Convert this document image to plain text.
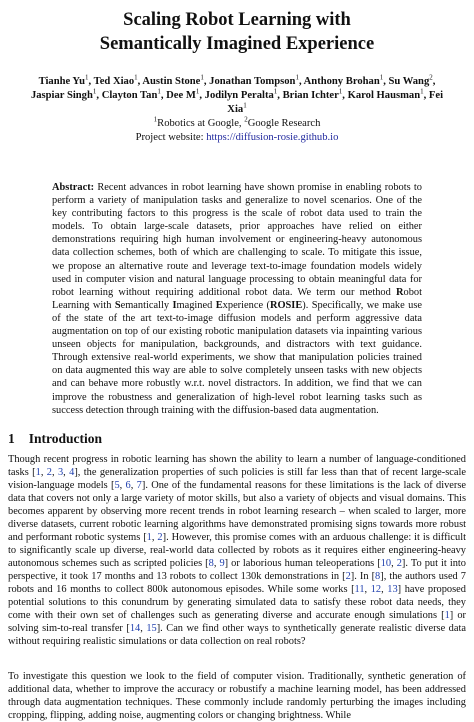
Scaling Robot Learning with
Semantically Imagined Experience
Tianhe Yu$^1$, Ted Xiao$^1$, Austin Stone$^1$, Jonathan Tompson$^1$, Anthony Brohan$^1$, Su Wang$^2$, Jaspiar Singh$^1$, Clayton Tan$^1$, Dee $M^1$, Jodilyn Peralta$^1$, Brian Ichter$^1$, Karol Hausman$^1$, Fei Xia$^1$
$^1$Robotics at Google, $^2$Google Research
Project website: https://diffusion-rosie.github.io

Abstract: Recent advances in robot learning have shown promise in enabling robots to perform a variety of manipulation tasks and generalize to novel scenarios. One of the key contributing factors to this progress is the scale of robot data used to train the models. To obtain large-scale datasets, prior approaches have relied on either demonstrations requiring high human involvement or engineering-heavy autonomous data collection schemes, both of which are challenging to scale. To mitigate this issue, we propose an alternative route and leverage text-to-image foundation models widely used in computer vision and natural language processing to obtain meaningful data for robot learning without requiring additional robot data. We term our method Robot Learning with Semantically Imagined Experience (ROSIE). Specifically, we make use of the state of the art text-to-image diffusion models and perform aggressive data augmentation on top of our existing robotic manipulation datasets via inpainting various unseen objects for manipulation, backgrounds, and distractors with text guidance. Through extensive real-world experiments, we show that manipulation policies trained on data augmented this way are able to solve completely unseen tasks with new objects and can behave more robustly w.r.t. novel distractors. In addition, we find that we can improve the robustness and generalization of high-level robot learning tasks such as success detection through training with the diffusion-based data augmentation.

1 Introduction

Though recent progress in robotic learning has shown the ability to learn a number of language-conditioned tasks [1, 2, 3, 4], the generalization properties of such policies is still far less than that of recent large-scale vision-language models [5, 6, 7]. One of the fundamental reasons for these limitations is the lack of diverse data that covers not only a large variety of motor skills, but also a variety of objects and visual domains. This becomes apparent by observing more recent trends in robot learning research – when scaled to larger, more diverse datasets, current robotic learning algorithms have demonstrated promising signs towards more robust and performant robotic systems [1, 2]. However, this promise comes with an arduous challenge: it is difficult to significantly scale up diverse, real-world data collected by robots as it requires either engineering-heavy autonomous schemes such as scripted policies [8, 9] or laborious human teleoperations [10, 2]. To put it into perspective, it took 17 months and 13 robots to collect 130k demonstrations in [2]. In [8], the authors used 7 robots and 16 months to collect 800k autonomous episodes. While some works [11, 12, 13] have proposed potential solutions to this conundrum by generating simulated data to satisfy these robot data needs, they come with their own set of challenges such as generating diverse and accurate enough simulations [1] or solving sim-to-real transfer [14, 15]. Can we find other ways to synthetically generate realistic diverse data without requiring realistic simulations or data collection on real robots?

To investigate this question we look to the field of computer vision. Traditionally, synthetic generation of additional data, whether to improve the accuracy or robustify a machine learning model, has been addressed through data augmentation techniques. These commonly include randomly perturbing the images including cropping, flipping, adding noise, augmenting colors or changing brightness. While
